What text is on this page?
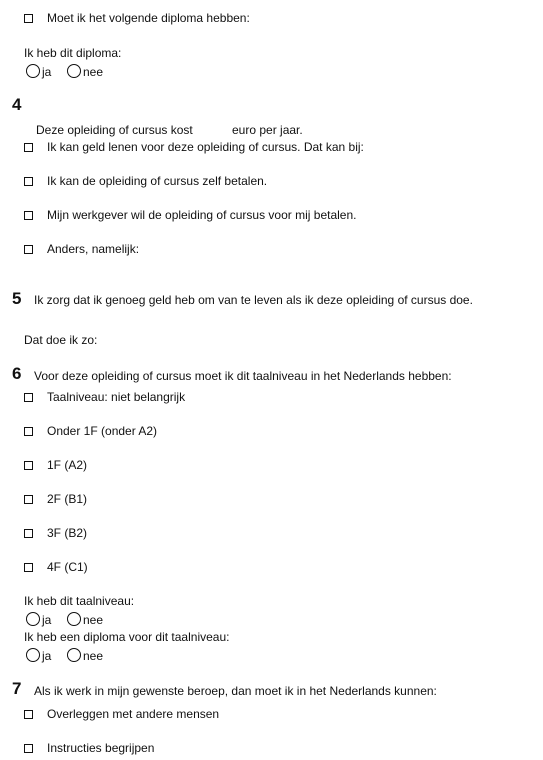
Moet ik het volgende diploma hebben:
Ik heb dit diploma:
ja	nee
4
Deze opleiding of cursus kost	euro per jaar.
Ik kan geld lenen voor deze opleiding of cursus. Dat kan bij:
Ik kan de opleiding of cursus zelf betalen.
Mijn werkgever wil de opleiding of cursus voor mij betalen.
Anders, namelijk:
5 Ik zorg dat ik genoeg geld heb om van te leven als ik deze opleiding of cursus doe.
Dat doe ik zo:
6 Voor deze opleiding of cursus moet ik dit taalniveau in het Nederlands hebben:
Taalniveau: niet belangrijk
Onder 1F (onder A2)
1F (A2)
2F (B1)
3F (B2)
4F (C1)
Ik heb dit taalniveau:
ja	nee
Ik heb een diploma voor dit taalniveau:
ja	nee
7 Als ik werk in mijn gewenste beroep, dan moet ik in het Nederlands kunnen:
Overleggen met andere mensen
Instructies begrijpen
